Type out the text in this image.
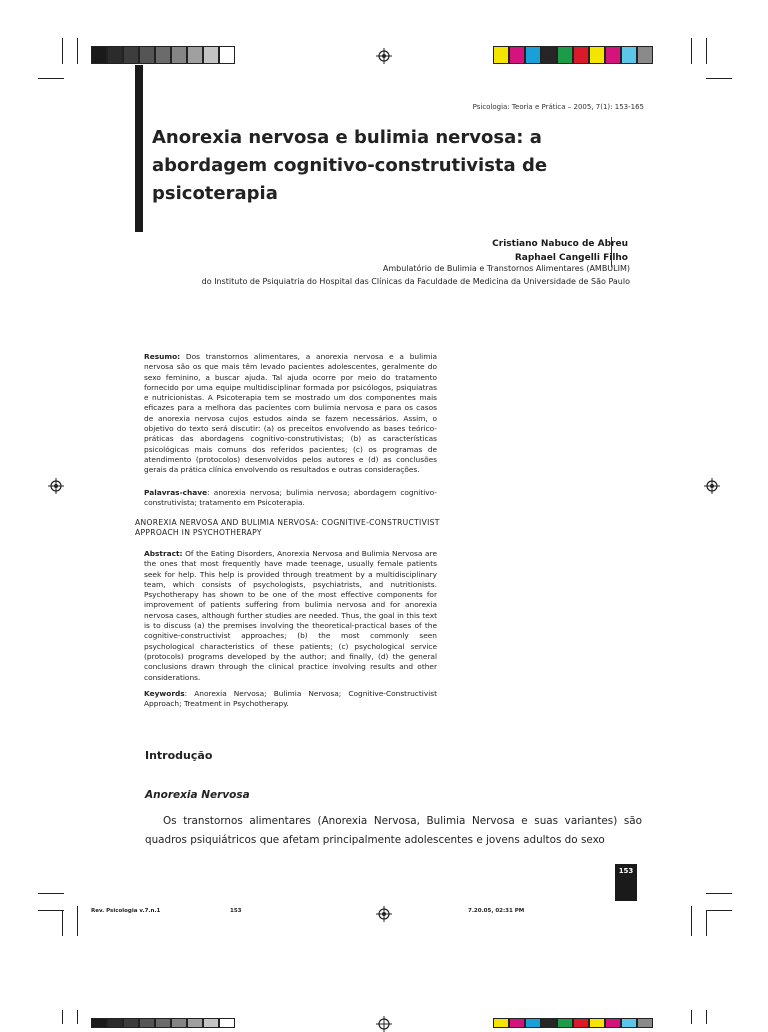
Psicologia: Teoria e Prática – 2005, 7(1): 153-165
Anorexia nervosa e bulimia nervosa: a abordagem cognitivo-construtivista de psicoterapia
Cristiano Nabuco de Abreu
Raphael Cangelli Filho
Ambulatório de Bulimia e Transtornos Alimentares (AMBULIM)
do Instituto de Psiquiatria do Hospital das Clínicas da Faculdade de Medicina da Universidade de São Paulo
Resumo: Dos transtornos alimentares, a anorexia nervosa e a bulimia nervosa são os que mais têm levado pacientes adolescentes, geralmente do sexo feminino, a buscar ajuda. Tal ajuda ocorre por meio do tratamento fornecido por uma equipe multidisciplinar formada por psicólogos, psiquiatras e nutricionistas. A Psicoterapia tem se mostrado um dos componentes mais eficazes para a melhora das pacientes com bulimia nervosa e para os casos de anorexia nervosa cujos estudos ainda se fazem necessários. Assim, o objetivo do texto será discutir: (a) os preceitos envolvendo as bases teórico-práticas das abordagens cognitivo-construtivistas; (b) as características psicológicas mais comuns dos referidos pacientes; (c) os programas de atendimento (protocolos) desenvolvidos pelos autores e (d) as conclusões gerais da prática clínica envolvendo os resultados e outras considerações.
Palavras-chave: anorexia nervosa; bulimia nervosa; abordagem cognitivo-construtivista; tratamento em Psicoterapia.
ANOREXIA NERVOSA AND BULIMIA NERVOSA: COGNITIVE-CONSTRUCTIVIST APPROACH IN PSYCHOTHERAPY
Abstract: Of the Eating Disorders, Anorexia Nervosa and Bulimia Nervosa are the ones that most frequently have made teenage, usually female patients seek for help. This help is provided through treatment by a multidisciplinary team, which consists of psychologists, psychiatrists, and nutritionists. Psychotherapy has shown to be one of the most effective components for improvement of patients suffering from bulimia nervosa and for anorexia nervosa cases, although further studies are needed. Thus, the goal in this text is to discuss (a) the premises involving the theoretical-practical bases of the cognitive-constructivist approaches; (b) the most commonly seen psychological characteristics of these patients; (c) psychological service (protocols) programs developed by the author; and finally, (d) the general conclusions drawn through the clinical practice involving results and other considerations.
Keywords: Anorexia Nervosa; Bulimia Nervosa; Cognitive-Constructivist Approach; Treatment in Psychotherapy.
Introdução
Anorexia Nervosa
Os transtornos alimentares (Anorexia Nervosa, Bulimia Nervosa e suas variantes) são quadros psiquiátricos que afetam principalmente adolescentes e jovens adultos do sexo
153
Rev. Psicologia v.7.n.1	153	7.20.05, 02:31 PM
